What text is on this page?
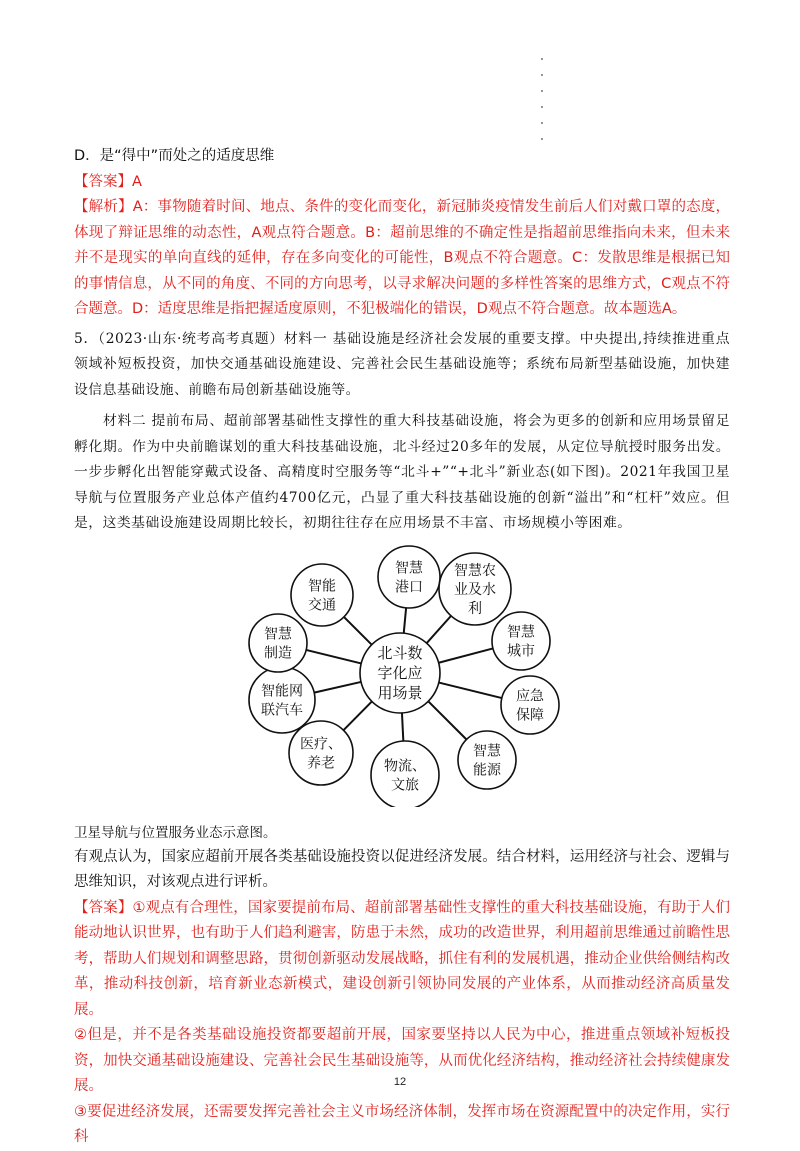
D．是“得中”而处之的适度思维

【答案】A

【解析】A：事物随着时间、地点、条件的变化而变化，新冠肺炎疫情发生前后人们对戴口罩的态度，体现了辩证思维的动态性，A观点符合题意。B：超前思维的不确定性是指超前思维指向未来，但未来并不是现实的单向直线的延伸，存在多向变化的可能性，B观点不符合题意。C：发散思维是根据已知的事情信息，从不同的角度、不同的方向思考，以寻求解决问题的多样性答案的思维方式，C观点不符合题意。D：适度思维是指把握适度原则，不犯极端化的错误，D观点不符合题意。故本题选A。

5．（2023·山东·统考高考真题）材料一 基础设施是经济社会发展的重要支撑。中央提出,持续推进重点领域补短板投资，加快交通基础设施建设、完善社会民生基础设施等；系统布局新型基础设施，加快建设信息基础设施、前瞻布局创新基础设施等。

材料二 提前布局、超前部署基础性支撑性的重大科技基础设施，将会为更多的创新和应用场景留足孵化期。作为中央前瞻谋划的重大科技基础设施，北斗经过20多年的发展，从定位导航授时服务出发。一步步孵化出智能穿戴式设备、高精度时空服务等“北斗+”“+北斗”新业态(如下图)。2021年我国卫星导航与位置服务产业总体产值约4700亿元，凸显了重大科技基础设施的创新“溢出”和“杠杆”效应。但是，这类基础设施建设周期比较长，初期往往存在应用场景不丰富、市场规模小等困难。

智慧
港口
智慧农
业及水
利
智慧
城市
应急
保障
智慧
能源
物流、
文旅
医疗、
养老
智能网
联汽车
智慧
制造
智能
交通
北斗数
字化应
用场景

卫星导航与位置服务业态示意图。

有观点认为，国家应超前开展各类基础设施投资以促进经济发展。结合材料，运用经济与社会、逻辑与思维知识，对该观点进行评析。

【答案】①观点有合理性，国家要提前布局、超前部署基础性支撑性的重大科技基础设施，有助于人们能动地认识世界，也有助于人们趋利避害，防患于未然，成功的改造世界，利用超前思维通过前瞻性思考，帮助人们规划和调整思路，贯彻创新驱动发展战略，抓住有利的发展机遇，推动企业供给侧结构改革，推动科技创新，培育新业态新模式，建设创新引领协同发展的产业体系，从而推动经济高质量发展。

②但是，并不是各类基础设施投资都要超前开展，国家要坚持以人民为中心，推进重点领域补短板投资，加快交通基础设施建设、完善社会民生基础设施等，从而优化经济结构，推动经济社会持续健康发展。

③要促进经济发展，还需要发挥完善社会主义市场经济体制，发挥市场在资源配置中的决定作用，实行科

12
